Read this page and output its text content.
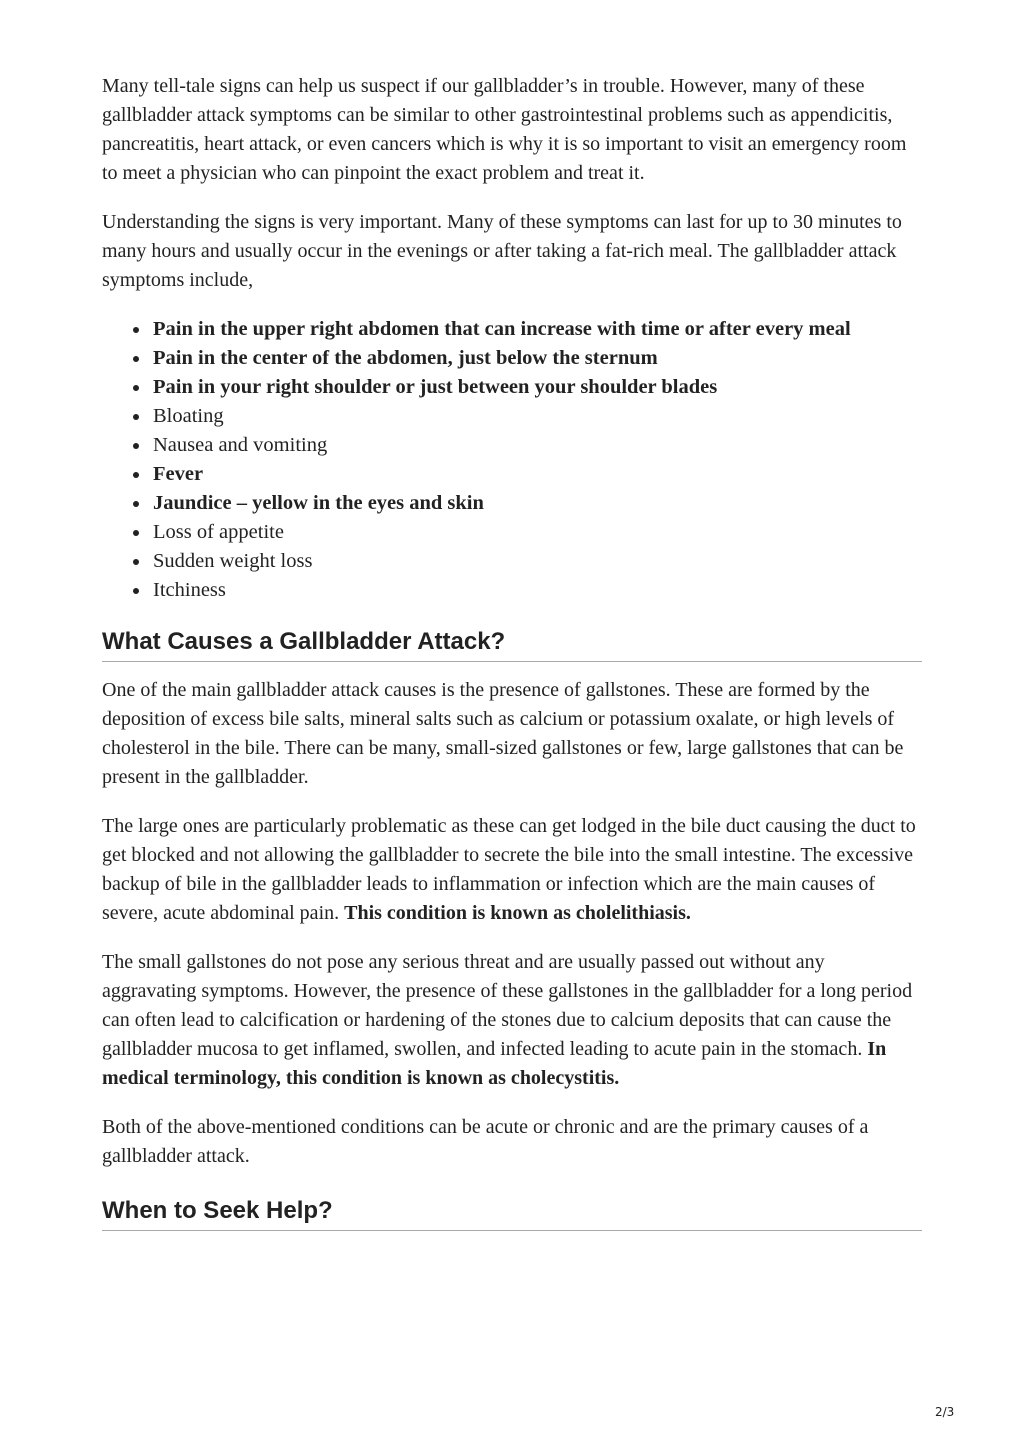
Many tell-tale signs can help us suspect if our gallbladder’s in trouble. However, many of these gallbladder attack symptoms can be similar to other gastrointestinal problems such as appendicitis, pancreatitis, heart attack, or even cancers which is why it is so important to visit an emergency room to meet a physician who can pinpoint the exact problem and treat it.

Understanding the signs is very important. Many of these symptoms can last for up to 30 minutes to many hours and usually occur in the evenings or after taking a fat-rich meal. The gallbladder attack symptoms include,

Pain in the upper right abdomen that can increase with time or after every meal
Pain in the center of the abdomen, just below the sternum
Pain in your right shoulder or just between your shoulder blades
Bloating
Nausea and vomiting
Fever
Jaundice – yellow in the eyes and skin
Loss of appetite
Sudden weight loss
Itchiness
What Causes a Gallbladder Attack?

One of the main gallbladder attack causes is the presence of gallstones. These are formed by the deposition of excess bile salts, mineral salts such as calcium or potassium oxalate, or high levels of cholesterol in the bile. There can be many, small-sized gallstones or few, large gallstones that can be present in the gallbladder.

The large ones are particularly problematic as these can get lodged in the bile duct causing the duct to get blocked and not allowing the gallbladder to secrete the bile into the small intestine. The excessive backup of bile in the gallbladder leads to inflammation or infection which are the main causes of severe, acute abdominal pain. This condition is known as cholelithiasis.

The small gallstones do not pose any serious threat and are usually passed out without any aggravating symptoms. However, the presence of these gallstones in the gallbladder for a long period can often lead to calcification or hardening of the stones due to calcium deposits that can cause the gallbladder mucosa to get inflamed, swollen, and infected leading to acute pain in the stomach. In medical terminology, this condition is known as cholecystitis.

Both of the above-mentioned conditions can be acute or chronic and are the primary causes of a gallbladder attack.

When to Seek Help?
2/3
